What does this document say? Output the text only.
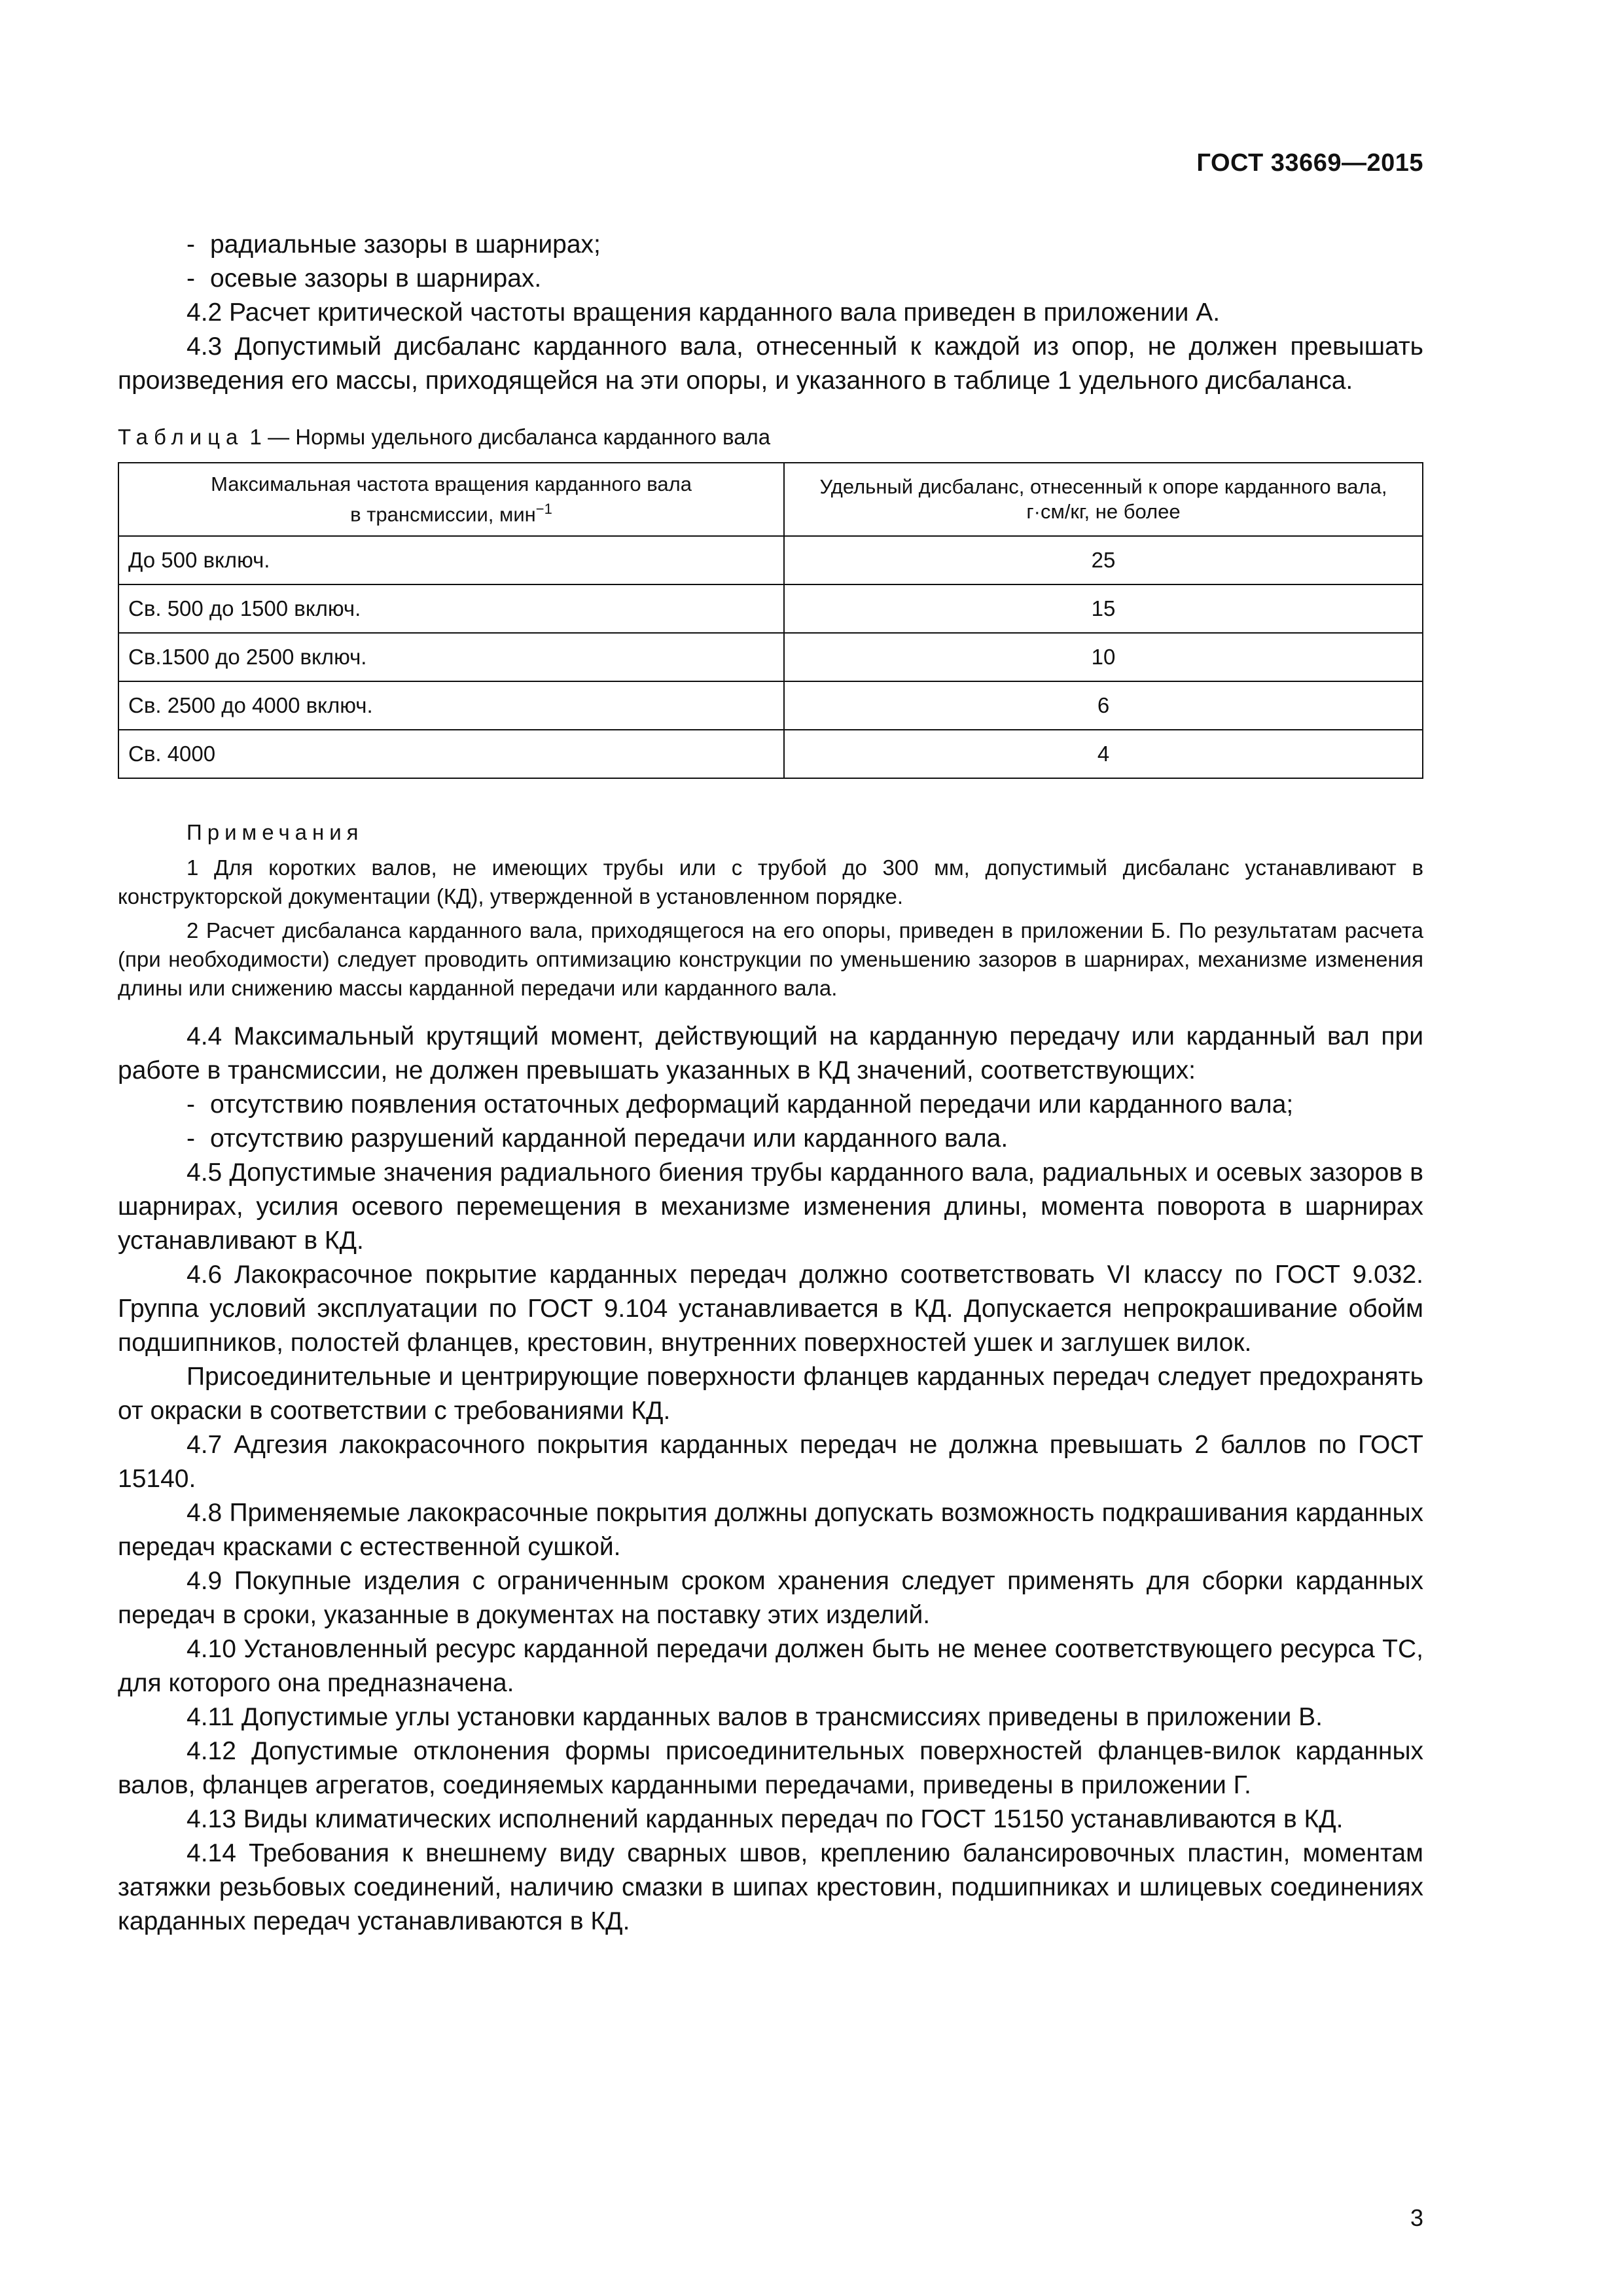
ГОСТ 33669—2015

- радиальные зазоры в шарнирах;

- осевые зазоры в шарнирах.

4.2 Расчет критической частоты вращения карданного вала приведен в приложении А.

4.3 Допустимый дисбаланс карданного вала, отнесенный к каждой из опор, не должен превышать произведения его массы, приходящейся на эти опоры, и указанного в таблице 1 удельного дисбаланса.

Таблица 1 — Нормы удельного дисбаланса карданного вала
Максимальная частота вращения карданного вала
в трансмиссии, мин$^{-1}$	Удельный дисбаланс, отнесенный к опоре карданного вала,
г·см/кг, не более
До 500 включ.	25
Св. 500 до 1500 включ.	15
Св.1500 до 2500 включ.	10
Св. 2500 до 4000 включ.	6
Св. 4000	4
Примечания

1 Для коротких валов, не имеющих трубы или с трубой до 300 мм, допустимый дисбаланс устанавливают в конструкторской документации (КД), утвержденной в установленном порядке.

2 Расчет дисбаланса карданного вала, приходящегося на его опоры, приведен в приложении Б. По результатам расчета (при необходимости) следует проводить оптимизацию конструкции по уменьшению зазоров в шарнирах, механизме изменения длины или снижению массы карданной передачи или карданного вала.

4.4 Максимальный крутящий момент, действующий на карданную передачу или карданный вал при работе в трансмиссии, не должен превышать указанных в КД значений, соответствующих:

- отсутствию появления остаточных деформаций карданной передачи или карданного вала;

- отсутствию разрушений карданной передачи или карданного вала.

4.5 Допустимые значения радиального биения трубы карданного вала, радиальных и осевых зазоров в шарнирах, усилия осевого перемещения в механизме изменения длины, момента поворота в шарнирах устанавливают в КД.

4.6 Лакокрасочное покрытие карданных передач должно соответствовать VI классу по ГОСТ 9.032. Группа условий эксплуатации по ГОСТ 9.104 устанавливается в КД. Допускается непрокрашивание обойм подшипников, полостей фланцев, крестовин, внутренних поверхностей ушек и заглушек вилок.

Присоединительные и центрирующие поверхности фланцев карданных передач следует предохранять от окраски в соответствии с требованиями КД.

4.7 Адгезия лакокрасочного покрытия карданных передач не должна превышать 2 баллов по ГОСТ 15140.

4.8 Применяемые лакокрасочные покрытия должны допускать возможность подкрашивания карданных передач красками с естественной сушкой.

4.9 Покупные изделия с ограниченным сроком хранения следует применять для сборки карданных передач в сроки, указанные в документах на поставку этих изделий.

4.10 Установленный ресурс карданной передачи должен быть не менее соответствующего ресурса ТС, для которого она предназначена.

4.11 Допустимые углы установки карданных валов в трансмиссиях приведены в приложении В.

4.12 Допустимые отклонения формы присоединительных поверхностей фланцев-вилок карданных валов, фланцев агрегатов, соединяемых карданными передачами, приведены в приложении Г.

4.13 Виды климатических исполнений карданных передач по ГОСТ 15150 устанавливаются в КД.

4.14 Требования к внешнему виду сварных швов, креплению балансировочных пластин, моментам затяжки резьбовых соединений, наличию смазки в шипах крестовин, подшипниках и шлицевых соединениях карданных передач устанавливаются в КД.

3
